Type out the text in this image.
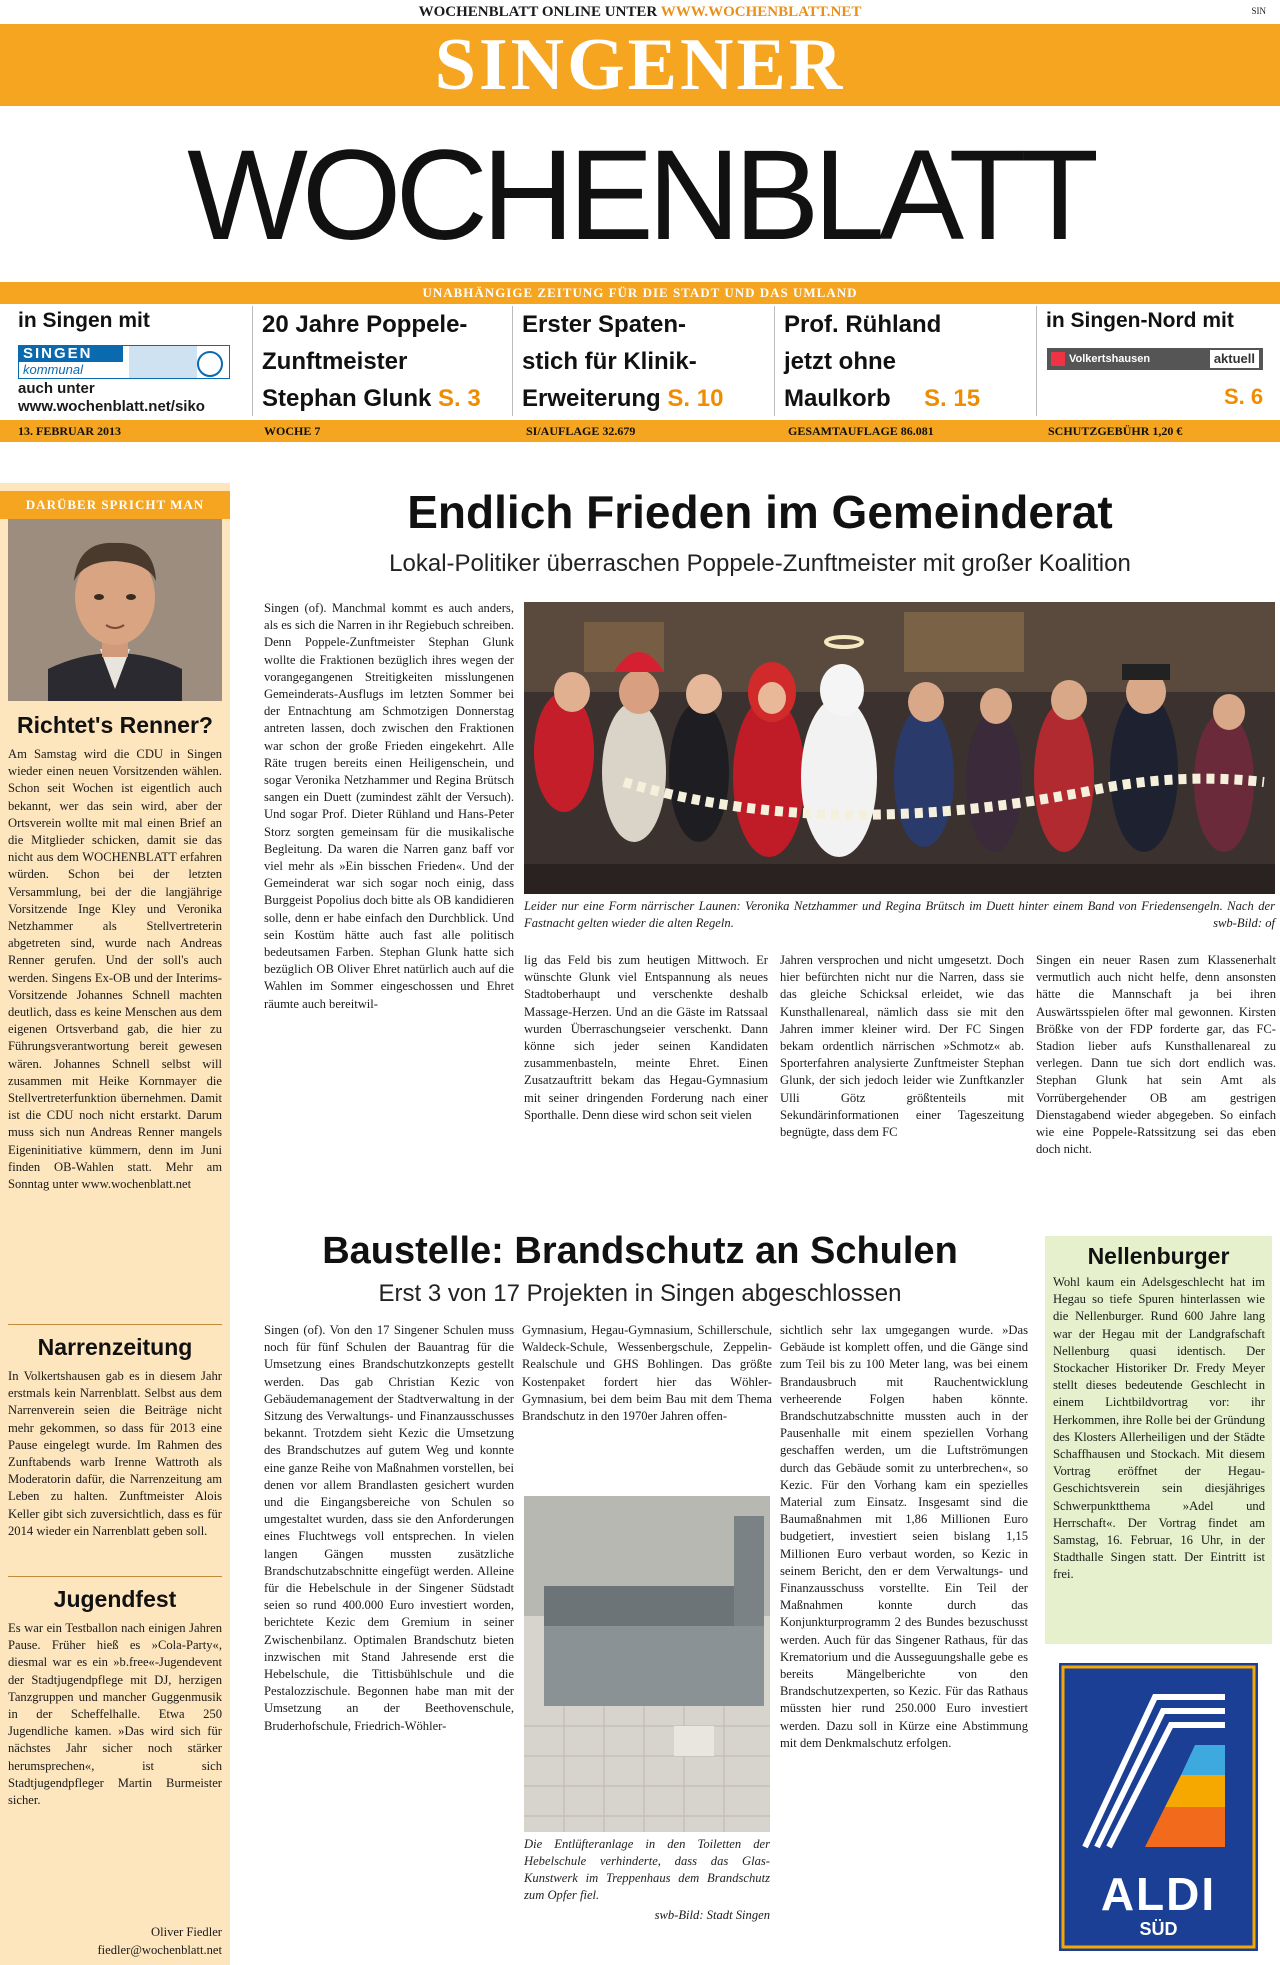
WOCHENBLATT ONLINE UNTER WWW.WOCHENBLATT.NET	SIN
SINGENER
WOCHENBLATT
UNABHÄNGIGE ZEITUNG FÜR DIE STADT UND DAS UMLAND
in Singen mit
SINGEN
kommunal
auch unter
www.wochenblatt.net/siko
20 Jahre Poppele-
Zunftmeister
Stephan Glunk S. 3
Erster Spaten-
stich für Klinik-
Erweiterung S. 10
Prof. Rühland
jetzt ohne
Maulkorb S. 15
in Singen-Nord mit
Volkertshausen	aktuell
S. 6
13. FEBRUAR 2013	WOCHE 7	SI/AUFLAGE 32.679	GESAMTAUFLAGE 86.081	SCHUTZGEBÜHR 1,20 €
DARÜBER SPRICHT MAN
Richtet's Renner?
Am Samstag wird die CDU in Singen wieder einen neuen Vorsitzenden wählen. Schon seit Wochen ist eigentlich auch bekannt, wer das sein wird, aber der Ortsverein wollte mit mal einen Brief an die Mitglieder schicken, damit sie das nicht aus dem WOCHENBLATT erfahren würden. Schon bei der letzten Versammlung, bei der die langjährige Vorsitzende Inge Kley und Veronika Netzhammer als Stellvertreterin abgetreten sind, wurde nach Andreas Renner gerufen. Und der soll's auch werden. Singens Ex-OB und der Interims-Vorsitzende Johannes Schnell machten deutlich, dass es keine Menschen aus dem eigenen Ortsverband gab, die hier zu Führungsverantwortung bereit gewesen wären. Johannes Schnell selbst will zusammen mit Heike Kornmayer die Stellvertreterfunktion übernehmen. Damit ist die CDU noch nicht erstarkt. Darum muss sich nun Andreas Renner mangels Eigeninitiative kümmern, denn im Juni finden OB-Wahlen statt. Mehr am Sonntag unter www.wochenblatt.net
Narrenzeitung
In Volkertshausen gab es in diesem Jahr erstmals kein Narrenblatt. Selbst aus dem Narrenverein seien die Beiträge nicht mehr gekommen, so dass für 2013 eine Pause eingelegt wurde. Im Rahmen des Zunftabends warb Irenne Wattroth als Moderatorin dafür, die Narrenzeitung am Leben zu halten. Zunftmeister Alois Keller gibt sich zuversichtlich, dass es für 2014 wieder ein Narrenblatt geben soll.
Jugendfest
Es war ein Testballon nach einigen Jahren Pause. Früher hieß es »Cola-Party«, diesmal war es ein »b.free«-Jugendevent der Stadtjugendpflege mit DJ, herzigen Tanzgruppen und mancher Guggenmusik in der Scheffelhalle. Etwa 250 Jugendliche kamen. »Das wird sich für nächstes Jahr sicher noch stärker herumsprechen«, ist sich Stadtjugendpfleger Martin Burmeister sicher.
Oliver Fiedler
fiedler@wochenblatt.net
Endlich Frieden im Gemeinderat
Lokal-Politiker überraschen Poppele-Zunftmeister mit großer Koalition
Singen (of). Manchmal kommt es auch anders, als es sich die Narren in ihr Regiebuch schreiben. Denn Poppele-Zunftmeister Stephan Glunk wollte die Fraktionen bezüglich ihres wegen der vorangegangenen Streitigkeiten misslungenen Gemeinderats-Ausflugs im letzten Sommer bei der Entnachtung am Schmotzigen Donnerstag antreten lassen, doch zwischen den Fraktionen war schon der große Frieden eingekehrt. Alle Räte trugen bereits einen Heiligenschein, und sogar Veronika Netzhammer und Regina Brütsch sangen ein Duett (zumindest zählt der Versuch). Und sogar Prof. Dieter Rühland und Hans-Peter Storz sorgten gemeinsam für die musikalische Begleitung. Da waren die Narren ganz baff vor viel mehr als »Ein bisschen Frieden«. Und der Gemeinderat war sich sogar noch einig, dass Burggeist Popolius doch bitte als OB kandidieren solle, denn er habe einfach den Durchblick. Und sein Kostüm hätte auch fast alle politisch bedeutsamen Farben. Stephan Glunk hatte sich bezüglich OB Oliver Ehret natürlich auch auf die Wahlen im Sommer eingeschossen und Ehret räumte auch bereitwil-
Leider nur eine Form närrischer Launen: Veronika Netzhammer und Regina Brütsch im Duett hinter einem Band von Friedensengeln. Nach der Fastnacht gelten wieder die alten Regeln.	swb-Bild: of
lig das Feld bis zum heutigen Mittwoch. Er wünschte Glunk viel Entspannung als neues Stadtoberhaupt und verschenkte deshalb Massage-Herzen. Und an die Gäste im Ratssaal wurden Überraschungseier verschenkt. Dann könne sich jeder seinen Kandidaten zusammenbasteln, meinte Ehret. Einen Zusatzauftritt bekam das Hegau-Gymnasium mit seiner dringenden Forderung nach einer Sporthalle. Denn diese wird schon seit vielen
Jahren versprochen und nicht umgesetzt. Doch hier befürchten nicht nur die Narren, dass sie das gleiche Schicksal erleidet, wie das Kunsthallenareal, nämlich dass sie mit den Jahren immer kleiner wird. Der FC Singen bekam ordentlich närrischen »Schmotz« ab. Sporterfahren analysierte Zunftmeister Stephan Glunk, der sich jedoch leider wie Zunftkanzler Ulli Götz größtenteils mit Sekundärinformationen einer Tageszeitung begnügte, dass dem FC
Singen ein neuer Rasen zum Klassenerhalt vermutlich auch nicht helfe, denn ansonsten hätte die Mannschaft ja bei ihren Auswärtsspielen öfter mal gewonnen. Kirsten Brößke von der FDP forderte gar, das FC-Stadion lieber aufs Kunsthallenareal zu verlegen. Dann tue sich dort endlich was. Stephan Glunk hat sein Amt als Vorrübergehender OB am gestrigen Dienstagabend wieder abgegeben. So einfach wie eine Poppele-Ratssitzung sei das eben doch nicht.
Baustelle: Brandschutz an Schulen
Erst 3 von 17 Projekten in Singen abgeschlossen
Singen (of). Von den 17 Singener Schulen muss noch für fünf Schulen der Bauantrag für die Umsetzung eines Brandschutzkonzepts gestellt werden. Das gab Christian Kezic von Gebäudemanagement der Stadtverwaltung in der Sitzung des Verwaltungs- und Finanzausschusses bekannt. Trotzdem sieht Kezic die Umsetzung des Brandschutzes auf gutem Weg und konnte eine ganze Reihe von Maßnahmen vorstellen, bei denen vor allem Brandlasten gesichert wurden und die Eingangsbereiche von Schulen so umgestaltet wurden, dass sie den Anforderungen eines Fluchtwegs voll entsprechen. In vielen langen Gängen mussten zusätzliche Brandschutzabschnitte eingefügt werden. Alleine für die Hebelschule in der Singener Südstadt seien so rund 400.000 Euro investiert worden, berichtete Kezic dem Gremium in seiner Zwischenbilanz. Optimalen Brandschutz bieten inzwischen mit Stand Jahresende erst die Hebelschule, die Tittisbühlschule und die Pestalozzischule. Begonnen habe man mit der Umsetzung an der Beethovenschule, Bruderhofschule, Friedrich-Wöhler-
Gymnasium, Hegau-Gymnasium, Schillerschule, Waldeck-Schule, Wessenbergschule, Zeppelin-Realschule und GHS Bohlingen. Das größte Kostenpaket fordert hier das Wöhler-Gymnasium, bei dem beim Bau mit dem Thema Brandschutz in den 1970er Jahren offen-
Die Entlüfteranlage in den Toiletten der Hebelschule verhinderte, dass das Glas-Kunstwerk im Treppenhaus dem Brandschutz zum Opfer fiel.
swb-Bild: Stadt Singen
sichtlich sehr lax umgegangen wurde. »Das Gebäude ist komplett offen, und die Gänge sind zum Teil bis zu 100 Meter lang, was bei einem Brandausbruch mit Rauchentwicklung verheerende Folgen haben könnte. Brandschutzabschnitte mussten auch in der Pausenhalle mit einem speziellen Vorhang geschaffen werden, um die Luftströmungen durch das Gebäude somit zu unterbrechen«, so Kezic. Für den Vorhang kam ein spezielles Material zum Einsatz. Insgesamt sind die Baumaßnahmen mit 1,86 Millionen Euro budgetiert, investiert seien bislang 1,15 Millionen Euro verbaut worden, so Kezic in seinem Bericht, den er dem Verwaltungs- und Finanzausschuss vorstellte. Ein Teil der Maßnahmen konnte durch das Konjunkturprogramm 2 des Bundes bezuschusst werden. Auch für das Singener Rathaus, für das Krematorium und die Ausseguungshalle gebe es bereits Mängelberichte von den Brandschutzexperten, so Kezic. Für das Rathaus müssten hier rund 250.000 Euro investiert werden. Dazu soll in Kürze eine Abstimmung mit dem Denkmalschutz erfolgen.
Nellenburger
Wohl kaum ein Adelsgeschlecht hat im Hegau so tiefe Spuren hinterlassen wie die Nellenburger. Rund 600 Jahre lang war der Hegau mit der Landgrafschaft Nellenburg quasi identisch. Der Stockacher Historiker Dr. Fredy Meyer stellt dieses bedeutende Geschlecht in einem Lichtbildvortrag vor: ihr Herkommen, ihre Rolle bei der Gründung des Klosters Allerheiligen und der Städte Schaffhausen und Stockach. Mit diesem Vortrag eröffnet der Hegau-Geschichtsverein sein diesjähriges Schwerpunktthema »Adel und Herrschaft«. Der Vortrag findet am Samstag, 16. Februar, 16 Uhr, in der Stadthalle Singen statt. Der Eintritt ist frei.
ALDI
SÜD
